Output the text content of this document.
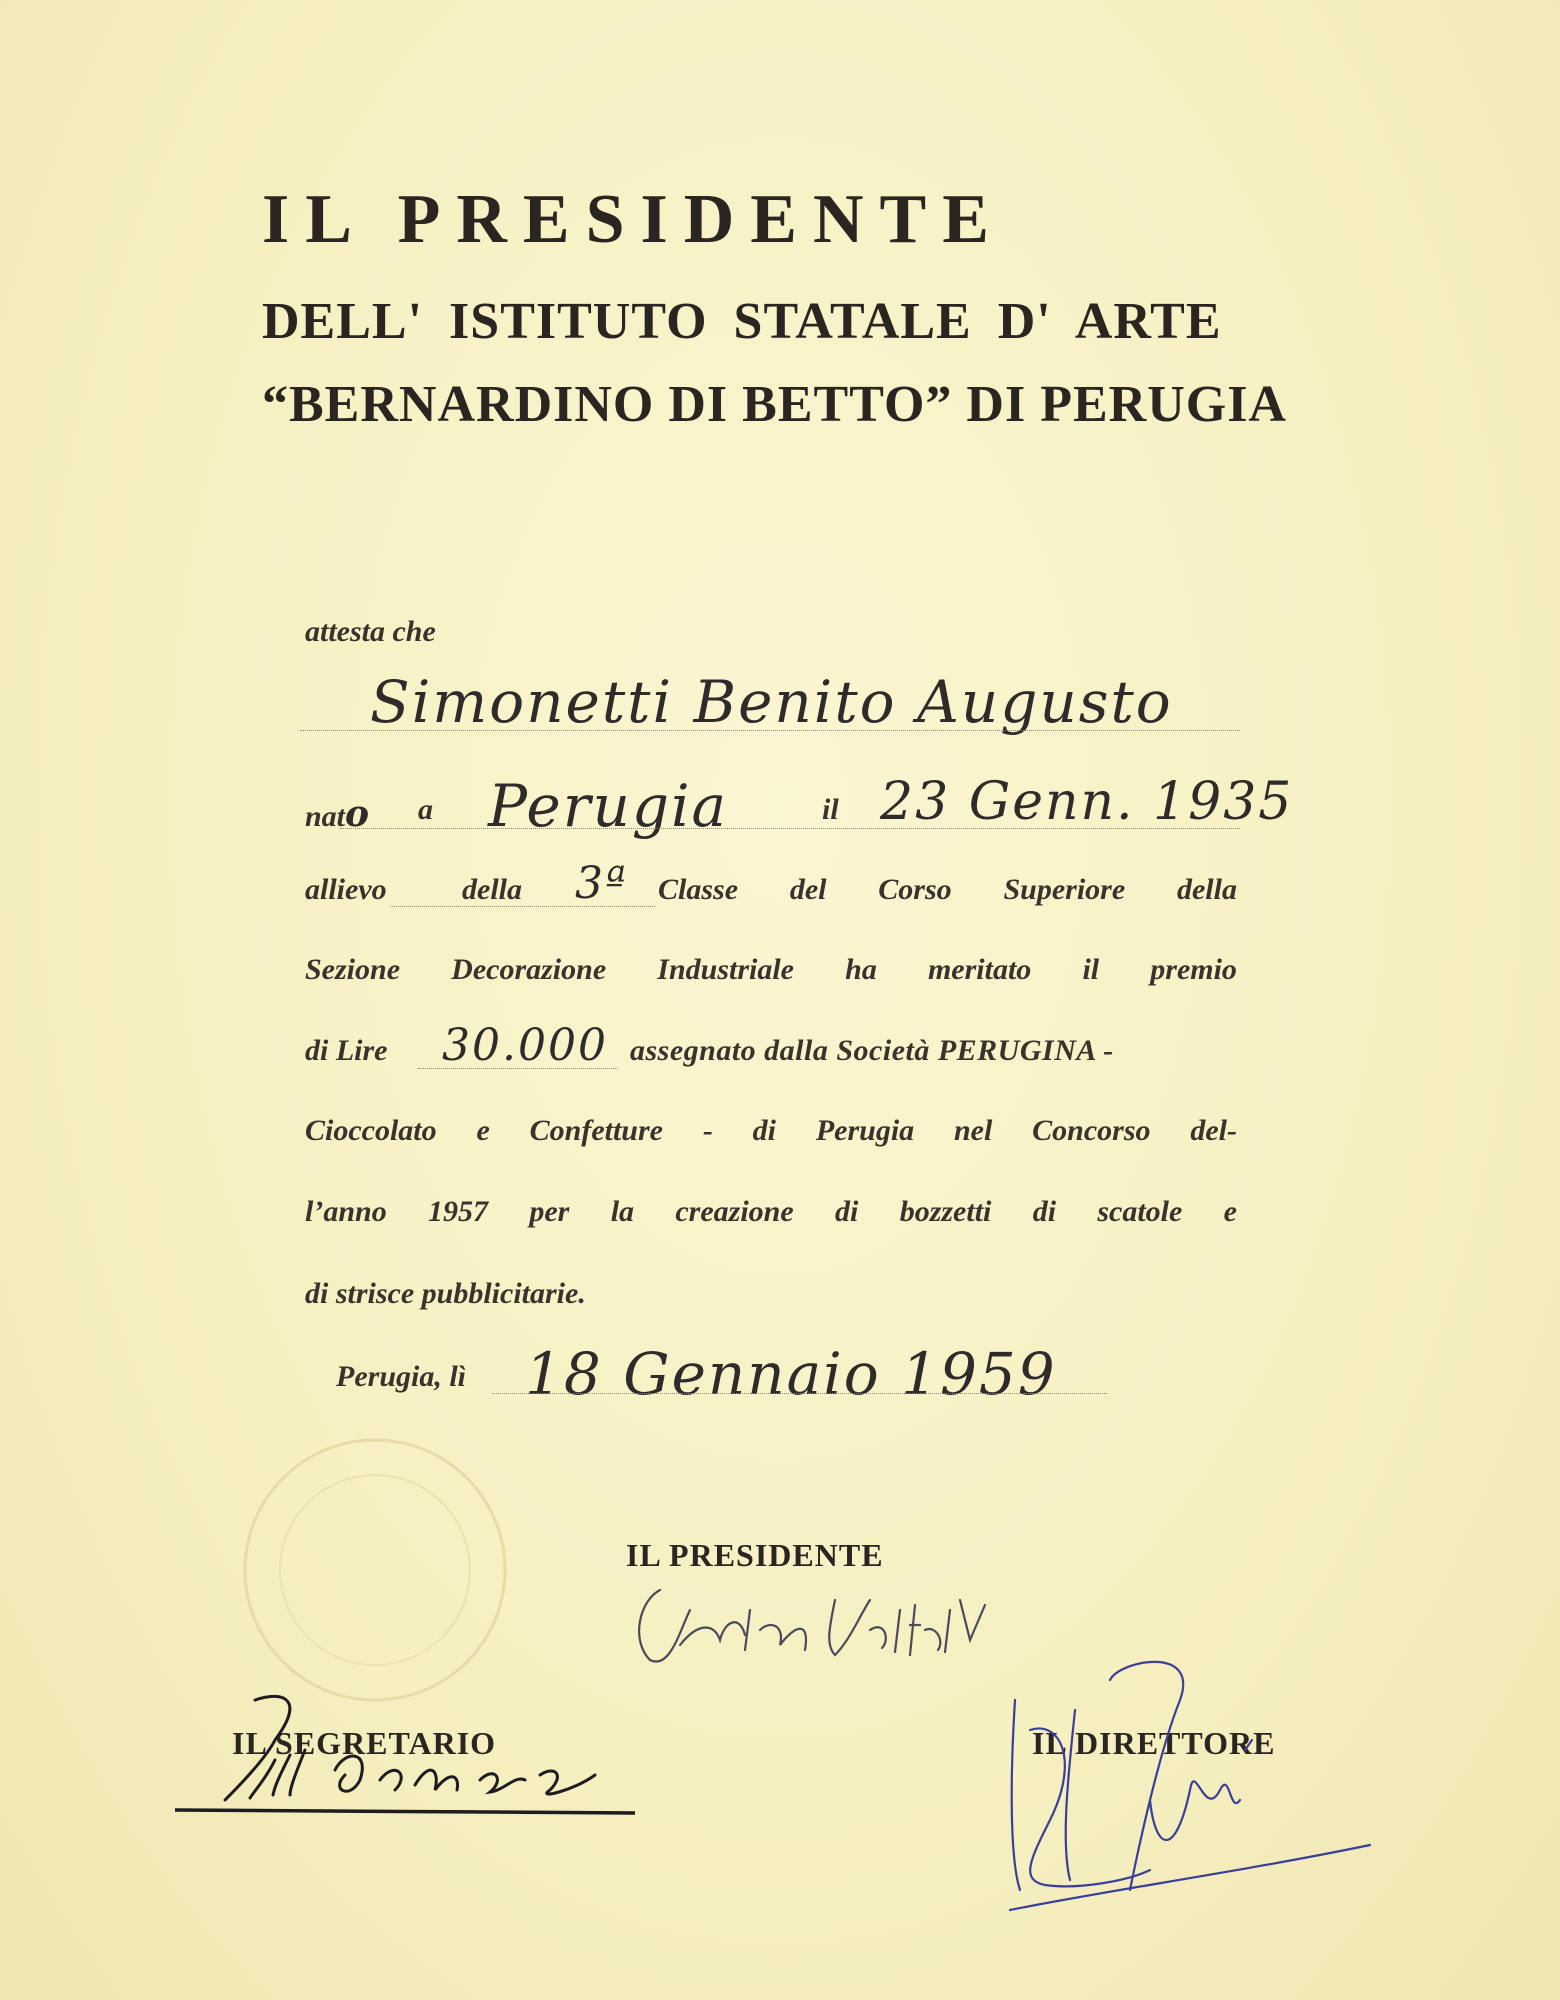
IL PRESIDENTE
DELL' ISTITUTO STATALE D' ARTE
“BERNARDINO DI BETTO” DI PERUGIA
attesta che
Simonetti Benito Augusto
nato a Perugia	il 23 Genn. 1935
allievo	della 3ª Classe del Corso Superiore della
Sezione Decorazione Industriale ha meritato il premio
di Lire 30.000 assegnato dalla Società PERUGINA -
Cioccolato e Confetture - di Perugia nel Concorso del-
l’anno 1957 per la creazione di bozzetti di scatole e
di strisce pubblicitarie.
Perugia, lì 18 Gennaio 1959
IL PRESIDENTE
IL SEGRETARIO	IL DIRETTORE
